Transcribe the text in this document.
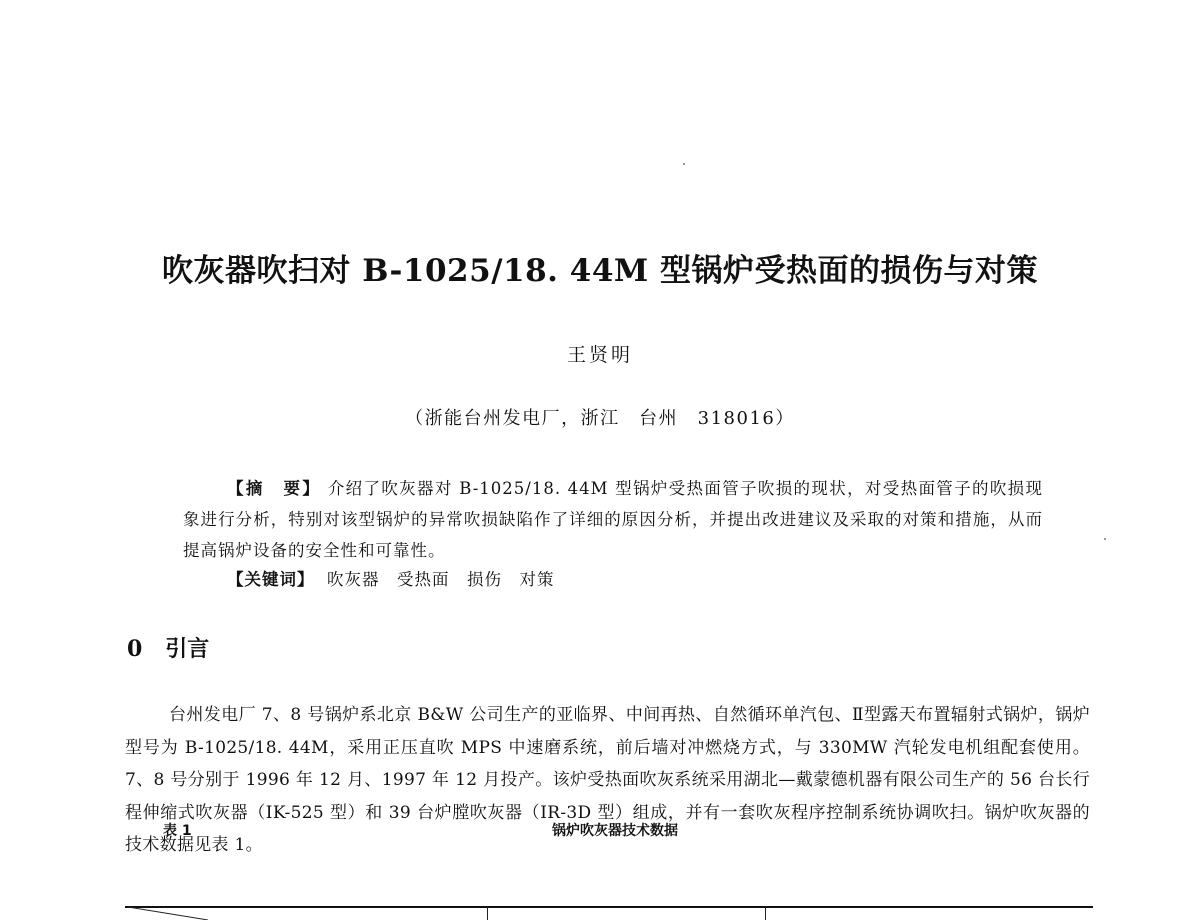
吹灰器吹扫对 B-1025/18. 44M 型锅炉受热面的损伤与对策
王贤明
（浙能台州发电厂，浙江　台州　318016）
【摘　要】 介绍了吹灰器对 B-1025/18. 44M 型锅炉受热面管子吹损的现状，对受热面管子的吹损现象进行分析，特别对该型锅炉的异常吹损缺陷作了详细的原因分析，并提出改进建议及采取的对策和措施，从而提高锅炉设备的安全性和可靠性。
【关键词】 吹灰器　受热面　损伤　对策
0 引言
台州发电厂 7、8 号锅炉系北京 B&W 公司生产的亚临界、中间再热、自然循环单汽包、Ⅱ型露天布置辐射式锅炉，锅炉型号为 B-1025/18. 44M，采用正压直吹 MPS 中速磨系统，前后墙对冲燃烧方式，与 330MW 汽轮发电机组配套使用。7、8 号分别于 1996 年 12 月、1997 年 12 月投产。该炉受热面吹灰系统采用湖北—戴蒙德机器有限公司生产的 56 台长行程伸缩式吹灰器（IK-525 型）和 39 台炉膛吹灰器（IR-3D 型）组成，并有一套吹灰程序控制系统协调吹扫。锅炉吹灰器的技术数据见表 1。
表 1	锅炉吹灰器技术数据
